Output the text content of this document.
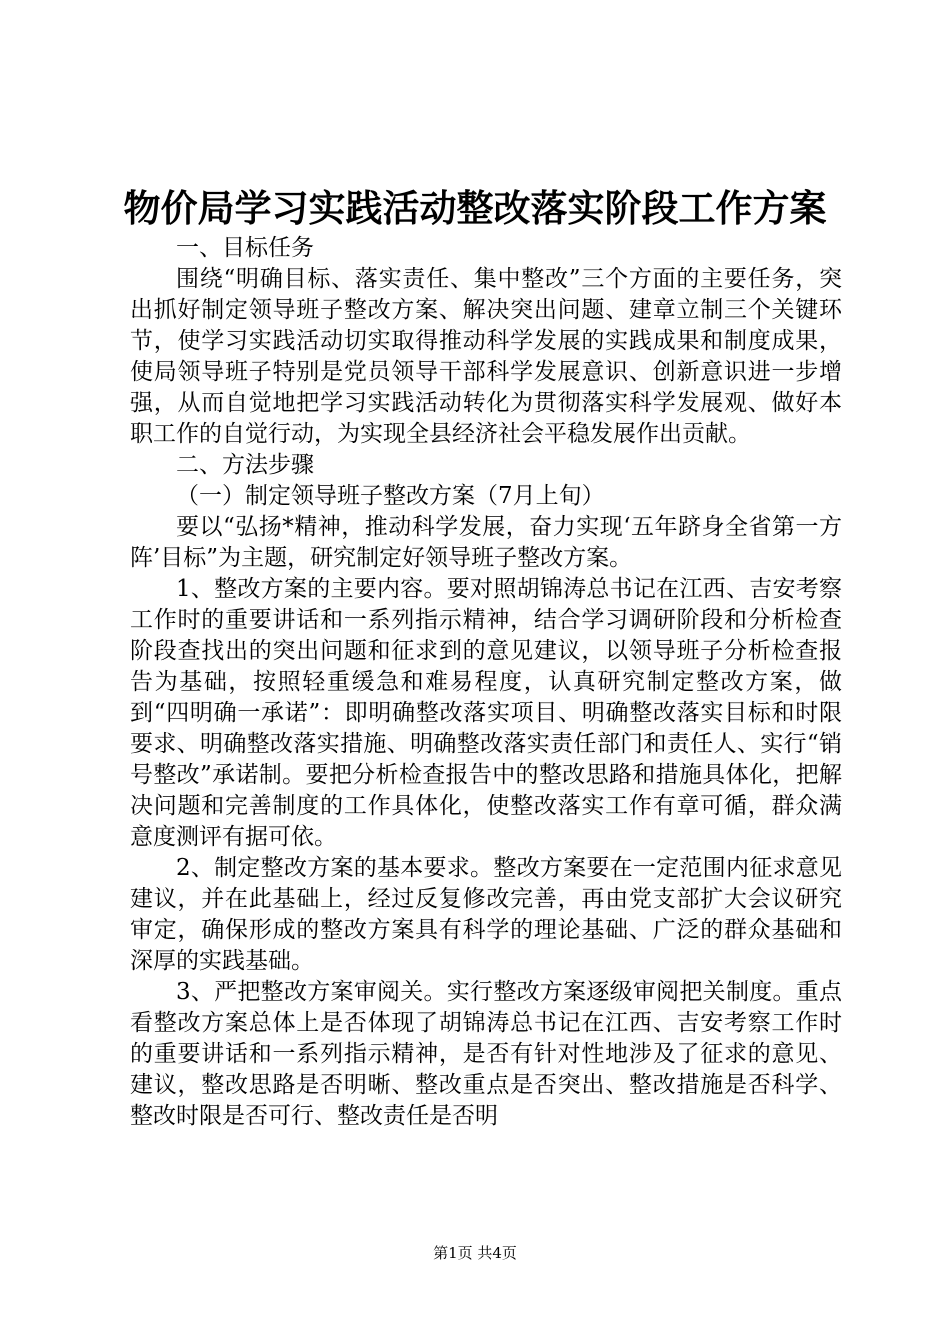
物价局学习实践活动整改落实阶段工作方案

一、目标任务

围绕“明确目标、落实责任、集中整改”三个方面的主要任务，突出抓好制定领导班子整改方案、解决突出问题、建章立制三个关键环节，使学习实践活动切实取得推动科学发展的实践成果和制度成果，使局领导班子特别是党员领导干部科学发展意识、创新意识进一步增强，从而自觉地把学习实践活动转化为贯彻落实科学发展观、做好本职工作的自觉行动，为实现全县经济社会平稳发展作出贡献。

二、方法步骤

（一）制定领导班子整改方案（7月上旬）

要以“弘扬*精神，推动科学发展，奋力实现‘五年跻身全省第一方阵’目标”为主题，研究制定好领导班子整改方案。

1、整改方案的主要内容。要对照胡锦涛总书记在江西、吉安考察工作时的重要讲话和一系列指示精神，结合学习调研阶段和分析检查阶段查找出的突出问题和征求到的意见建议，以领导班子分析检查报告为基础，按照轻重缓急和难易程度，认真研究制定整改方案，做到“四明确一承诺”：即明确整改落实项目、明确整改落实目标和时限要求、明确整改落实措施、明确整改落实责任部门和责任人、实行“销号整改”承诺制。要把分析检查报告中的整改思路和措施具体化，把解决问题和完善制度的工作具体化，使整改落实工作有章可循，群众满意度测评有据可依。

2、制定整改方案的基本要求。整改方案要在一定范围内征求意见建议，并在此基础上，经过反复修改完善，再由党支部扩大会议研究审定，确保形成的整改方案具有科学的理论基础、广泛的群众基础和深厚的实践基础。

3、严把整改方案审阅关。实行整改方案逐级审阅把关制度。重点看整改方案总体上是否体现了胡锦涛总书记在江西、吉安考察工作时的重要讲话和一系列指示精神，是否有针对性地涉及了征求的意见、建议，整改思路是否明晰、整改重点是否突出、整改措施是否科学、整改时限是否可行、整改责任是否明

第1页 共4页
